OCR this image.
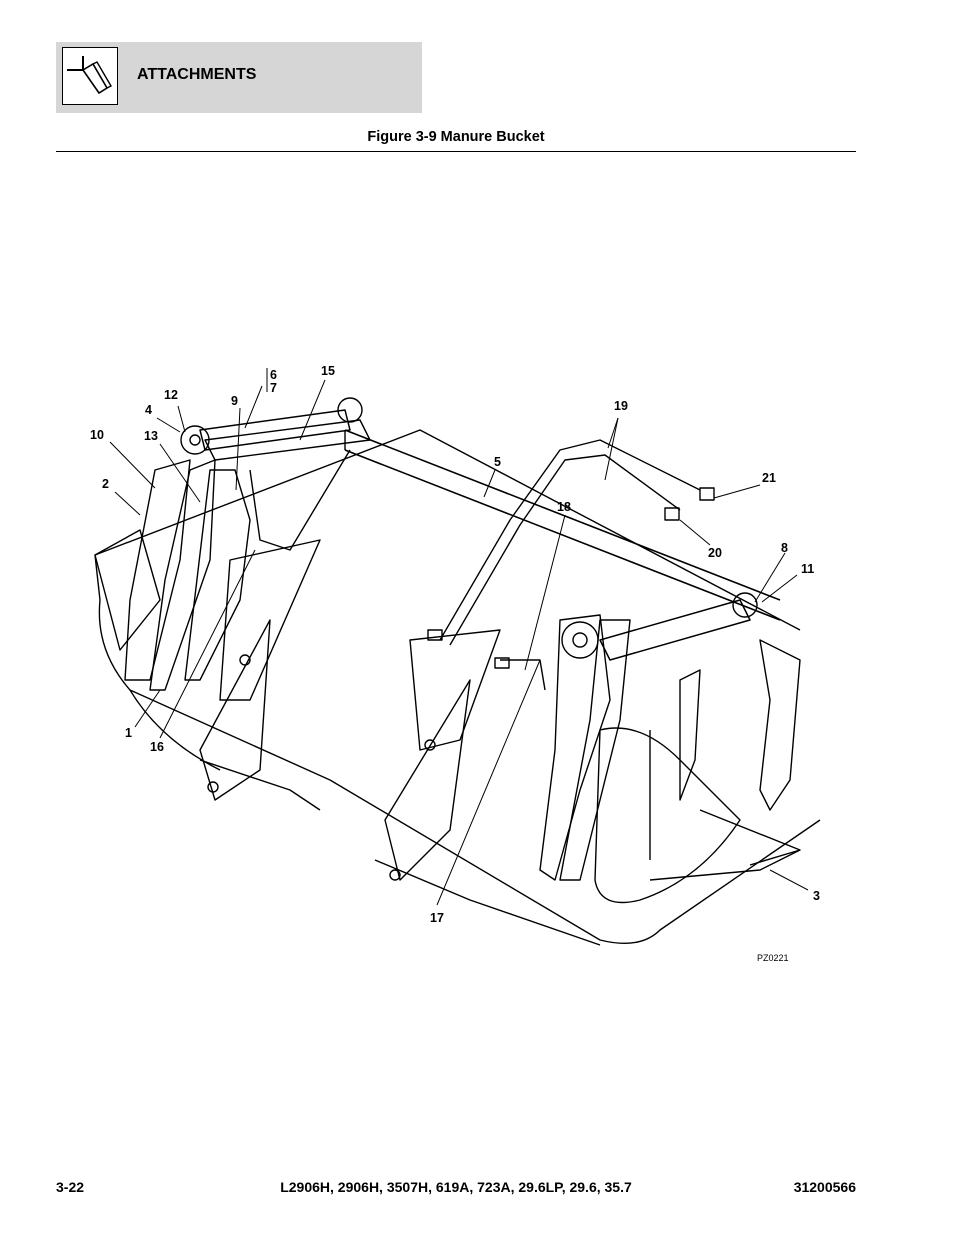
ATTACHMENTS
Figure 3-9 Manure Bucket
1
2
3
4
5
6
7
8
9
10
11
12
13
15
16
17
18
19
20
21
PZ0221
3-22	L2906H, 2906H, 3507H, 619A, 723A, 29.6LP, 29.6, 35.7	31200566
